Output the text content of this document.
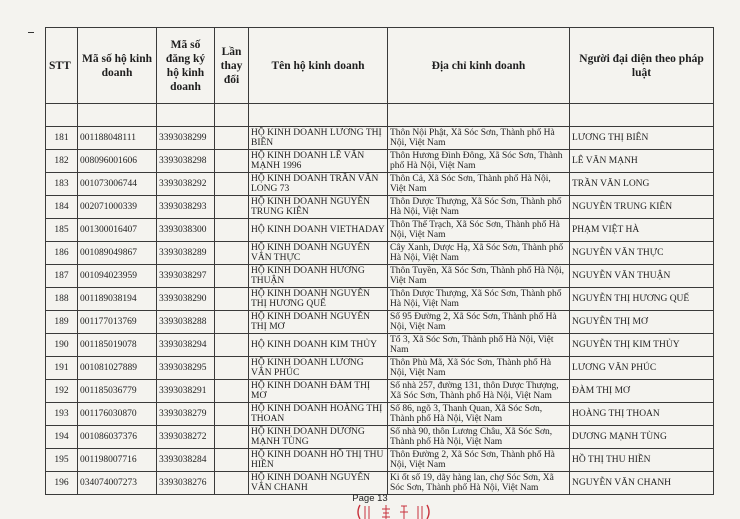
STT	Mã số hộ kinh doanh	Mã số đăng ký hộ kinh doanh	Lần thay đổi	Tên hộ kinh doanh	Địa chỉ kinh doanh	Người đại diện theo pháp luật

181	001188048111	3393038299		HỘ KINH DOANH LƯƠNG THỊ BIÊN	Thôn Nội Phật, Xã Sóc Sơn, Thành phố Hà Nội, Việt Nam	LƯƠNG THỊ BIÊN
182	008096001606	3393038298		HỘ KINH DOANH LÊ VĂN MẠNH 1996	Thôn Hương Đình Đông, Xã Sóc Sơn, Thành phố Hà Nội, Việt Nam	LÊ VĂN MẠNH
183	001073006744	3393038292		HỘ KINH DOANH TRẦN VĂN LONG 73	Thôn Cả, Xã Sóc Sơn, Thành phố Hà Nội, Việt Nam	TRẦN VĂN LONG
184	002071000339	3393038293		HỘ KINH DOANH NGUYỄN TRUNG KIÊN	Thôn Dược Thượng, Xã Sóc Sơn, Thành phố Hà Nội, Việt Nam	NGUYỄN TRUNG KIÊN
185	001300016407	3393038300		HỘ KINH DOANH VIETHADAY	Thôn Thế Trạch, Xã Sóc Sơn, Thành phố Hà Nội, Việt Nam	PHẠM VIỆT HÀ
186	001089049867	3393038289		HỘ KINH DOANH NGUYỄN VĂN THỰC	Cây Xanh, Dược Hạ, Xã Sóc Sơn, Thành phố Hà Nội, Việt Nam	NGUYỄN VĂN THỰC
187	001094023959	3393038297		HỘ KINH DOANH HƯƠNG THUẬN	Thôn Tuyền, Xã Sóc Sơn, Thành phố Hà Nội, Việt Nam	NGUYỄN VĂN THUẬN
188	001189038194	3393038290		HỘ KINH DOANH NGUYỄN THỊ HƯƠNG QUẾ	Thôn Dược Thượng, Xã Sóc Sơn, Thành phố Hà Nội, Việt Nam	NGUYỄN THỊ HƯƠNG QUẾ
189	001177013769	3393038288		HỘ KINH DOANH NGUYỄN THỊ MƠ	Số 95 Đường 2, Xã Sóc Sơn, Thành phố Hà Nội, Việt Nam	NGUYỄN THỊ MƠ
190	001185019078	3393038294		HỘ KINH DOANH KIM THỦY	Tổ 3, Xã Sóc Sơn, Thành phố Hà Nội, Việt Nam	NGUYỄN THỊ KIM THỦY
191	001081027889	3393038295		HỘ KINH DOANH LƯƠNG VĂN PHÚC	Thôn Phù Mã, Xã Sóc Sơn, Thành phố Hà Nội, Việt Nam	LƯƠNG VĂN PHÚC
192	001185036779	3393038291		HỘ KINH DOANH ĐÀM THỊ MƠ	Số nhà 257, đường 131, thôn Dược Thượng, Xã Sóc Sơn, Thành phố Hà Nội, Việt Nam	ĐÀM THỊ MƠ
193	001176030870	3393038279		HỘ KINH DOANH HOÀNG THỊ THOAN	Số 86, ngõ 3, Thanh Quan, Xã Sóc Sơn, Thành phố Hà Nội, Việt Nam	HOÀNG THỊ THOAN
194	001086037376	3393038272		HỘ KINH DOANH DƯƠNG MẠNH TÙNG	Số nhà 90, thôn Lương Châu, Xã Sóc Sơn, Thành phố Hà Nội, Việt Nam	DƯƠNG MẠNH TÙNG
195	001198007716	3393038284		HỘ KINH DOANH HỒ THỊ THU HIỀN	Thôn Đường 2, Xã Sóc Sơn, Thành phố Hà Nội, Việt Nam	HỒ THỊ THU HIỀN
196	034074007273	3393038276		HỘ KINH DOANH NGUYỄN VĂN CHANH	Ki ốt số 19, dãy hàng lan, chợ Sóc Sơn, Xã Sóc Sơn, Thành phố Hà Nội, Việt Nam	NGUYỄN VĂN CHANH
Page 13
